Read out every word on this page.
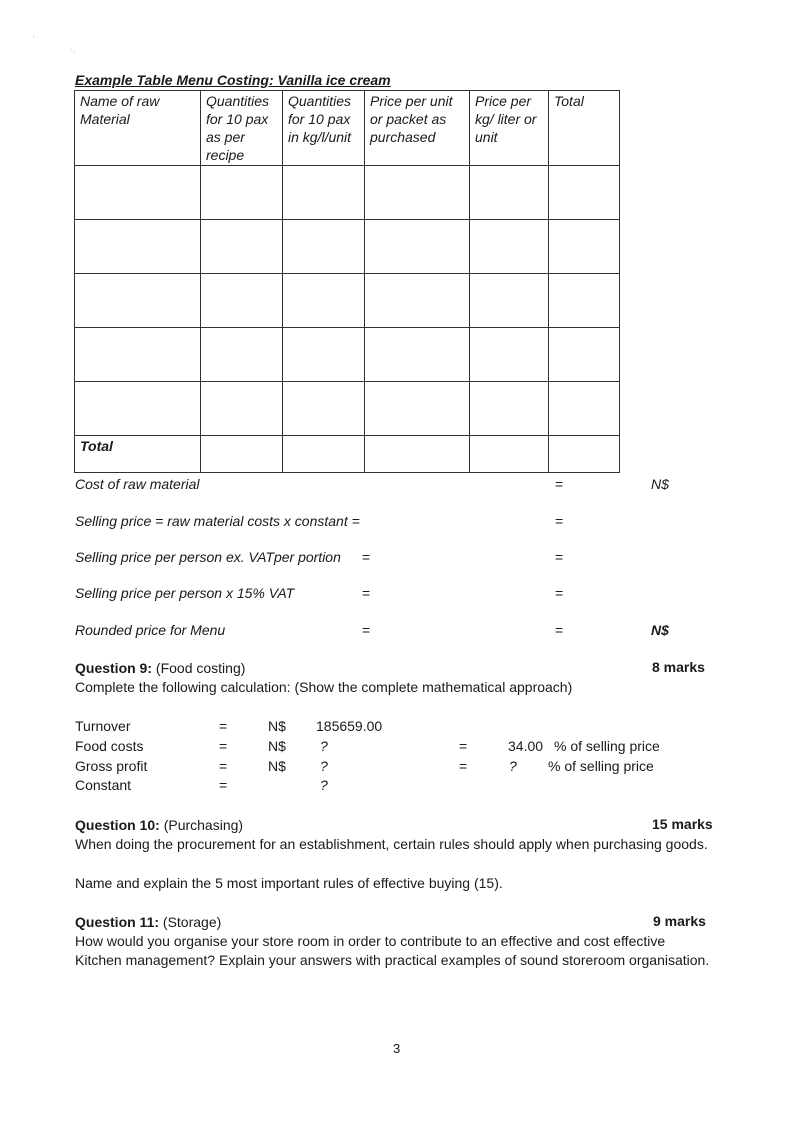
′
·.
Example Table Menu Costing: Vanilla ice cream
Name of raw Material	Quantities for 10 pax as per recipe	Quantities for 10 pax in kg/l/unit	Price per unit or packet as purchased	Price per kg/ liter or unit	Total

Total					
Cost of raw material	=	N$
Selling price = raw material costs x constant =	=
Selling price per person ex. VATper portion =	=
Selling price per person x 15% VAT	=	=
Rounded price for Menu	=	=	N$
Question 9: (Food costing)	8 marks
Complete the following calculation: (Show the complete mathematical approach)
Turnover	=	N$ 185659.00
Food costs	=	N$ ?	=	34.00 % of selling price
Gross profit	=	N$ ?	=	? % of selling price
Constant	=	?
Question 10: (Purchasing)	15 marks
When doing the procurement for an establishment, certain rules should apply when purchasing goods.
Name and explain the 5 most important rules of effective buying (15).
Question 11: (Storage)	9 marks
How would you organise your store room in order to contribute to an effective and cost effective Kitchen management? Explain your answers with practical examples of sound storeroom organisation.
3
